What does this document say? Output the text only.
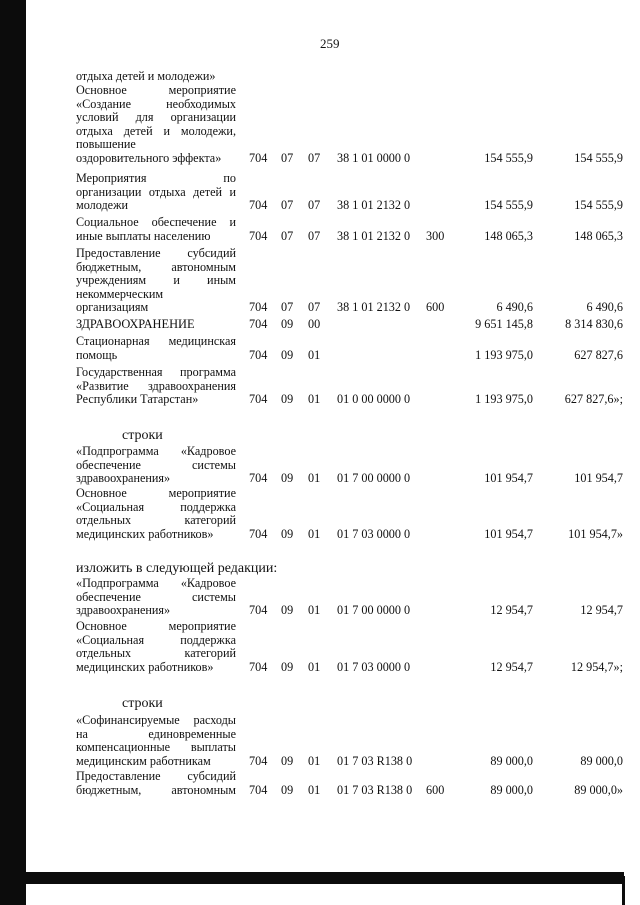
259
отдыха детей и молодежи»
Основное мероприятие
«Создание необходимых
условий для организации
отдыха детей и молодежи,
повышение
оздоровительного эффекта»	704 07 07 38 1 01 0000 0	154 555,9	154 555,9
Мероприятия по
организации отдыха детей и
молодежи	704 07 07 38 1 01 2132 0	154 555,9	154 555,9
Социальное обеспечение и
иные выплаты населению	704 07 07 38 1 01 2132 0 300	148 065,3	148 065,3
Предоставление субсидий
бюджетным, автономным
учреждениям и иным
некоммерческим
организациям	704 07 07 38 1 01 2132 0 600	6 490,6	6 490,6
ЗДРАВООХРАНЕНИЕ	704 09 00	9 651 145,8	8 314 830,6
Стационарная медицинская
помощь	704 09 01	1 193 975,0	627 827,6
Государственная программа
«Развитие здравоохранения
Республики Татарстан»	704 09 01 01 0 00 0000 0	1 193 975,0	627 827,6»;
строки
«Подпрограмма «Кадровое
обеспечение системы
здравоохранения»	704 09 01 01 7 00 0000 0	101 954,7	101 954,7
Основное мероприятие
«Социальная поддержка
отдельных категорий
медицинских работников»	704 09 01 01 7 03 0000 0	101 954,7	101 954,7»
изложить в следующей редакции:
«Подпрограмма «Кадровое
обеспечение системы
здравоохранения»	704 09 01 01 7 00 0000 0	12 954,7	12 954,7
Основное мероприятие
«Социальная поддержка
отдельных категорий
медицинских работников»	704 09 01 01 7 03 0000 0	12 954,7	12 954,7»;
строки
«Софинансируемые расходы
на единовременные
компенсационные выплаты
медицинским работникам	704 09 01 01 7 03 R138 0	89 000,0	89 000,0
Предоставление субсидий
бюджетным, автономным 704 09 01 01 7 03 R138 0 600	89 000,0	89 000,0»
